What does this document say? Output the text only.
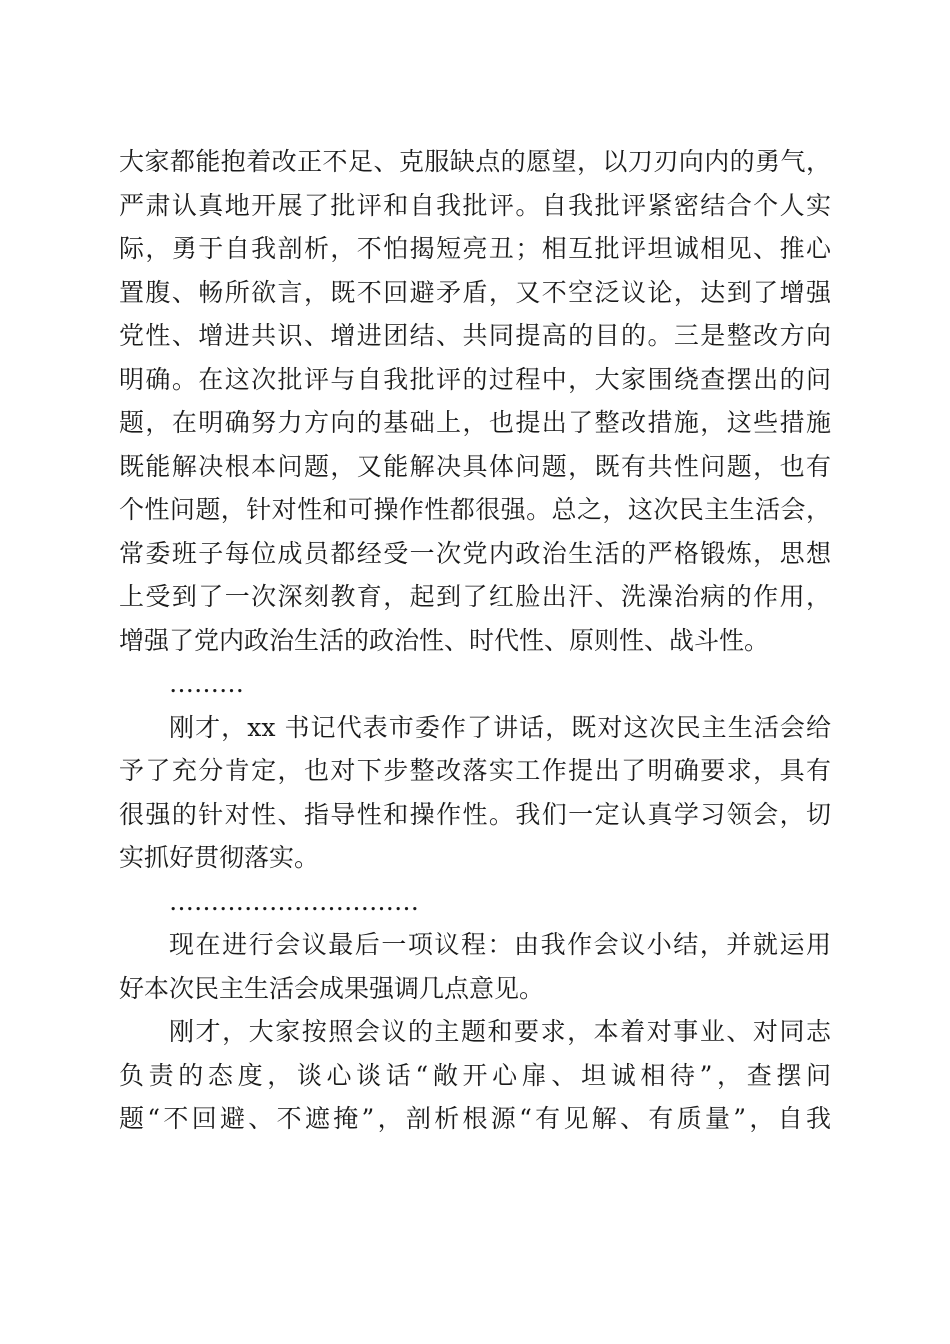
大家都能抱着改正不足、克服缺点的愿望，以刀刃向内的勇气，
严肃认真地开展了批评和自我批评。自我批评紧密结合个人实
际，勇于自我剖析，不怕揭短亮丑；相互批评坦诚相见、推心
置腹、畅所欲言，既不回避矛盾，又不空泛议论，达到了增强
党性、增进共识、增进团结、共同提高的目的。三是整改方向
明确。在这次批评与自我批评的过程中，大家围绕查摆出的问
题，在明确努力方向的基础上，也提出了整改措施，这些措施
既能解决根本问题，又能解决具体问题，既有共性问题，也有
个性问题，针对性和可操作性都很强。总之，这次民主生活会，
常委班子每位成员都经受一次党内政治生活的严格锻炼，思想
上受到了一次深刻教育，起到了红脸出汗、洗澡治病的作用，
增强了党内政治生活的政治性、时代性、原则性、战斗性。
………
刚才，xx 书记代表市委作了讲话，既对这次民主生活会给
予了充分肯定，也对下步整改落实工作提出了明确要求，具有
很强的针对性、指导性和操作性。我们一定认真学习领会，切
实抓好贯彻落实。
…………………………
现在进行会议最后一项议程：由我作会议小结，并就运用
好本次民主生活会成果强调几点意见。
刚才，大家按照会议的主题和要求，本着对事业、对同志
负责的态度，谈心谈话“敞开心扉、坦诚相待”，查摆问
题“不回避、不遮掩”，剖析根源“有见解、有质量”，自我
